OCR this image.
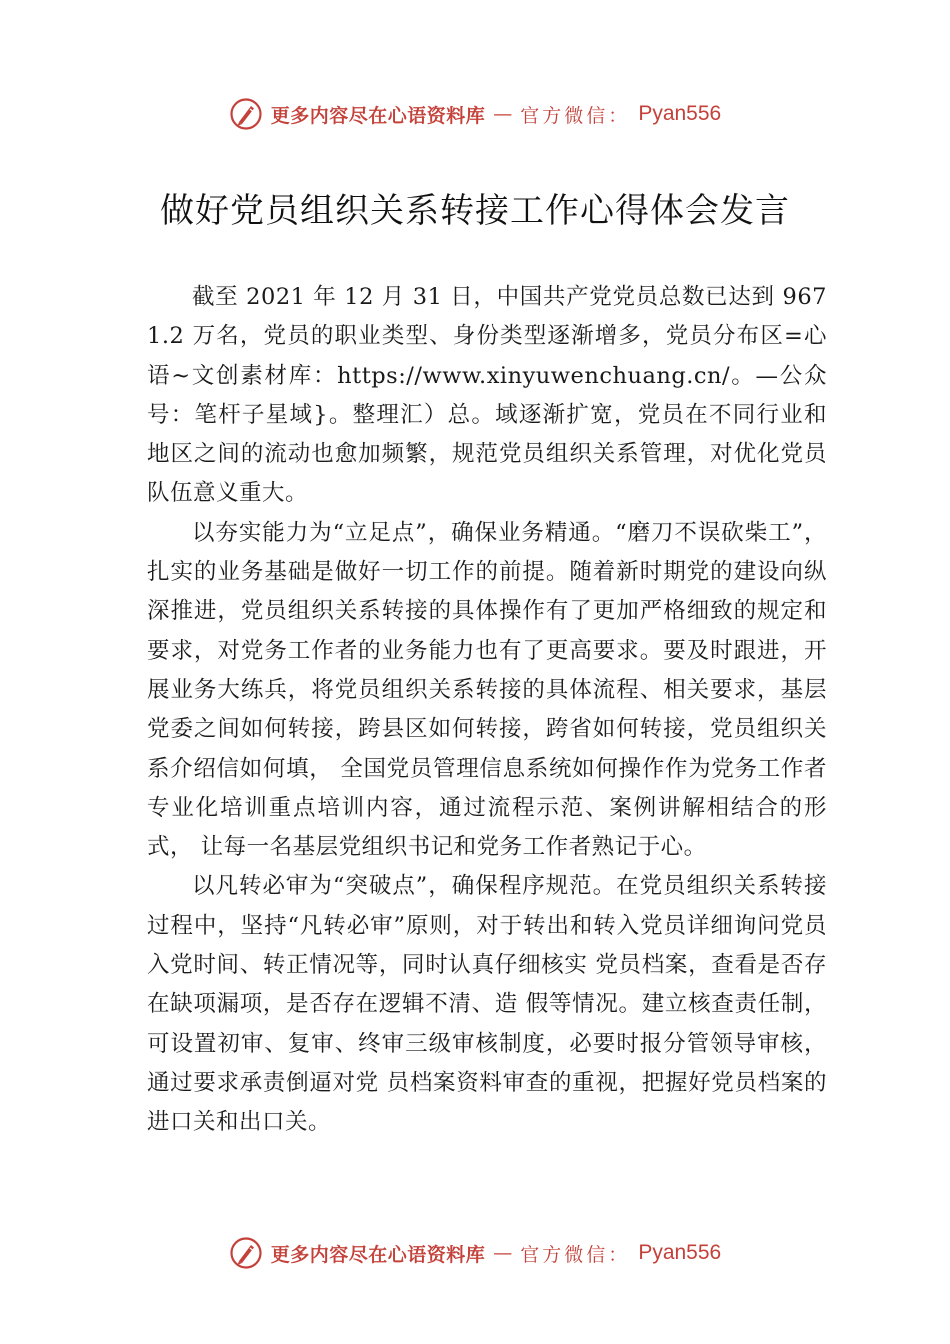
更多内容尽在心语资料库 — 官方微信： Pyan556
做好党员组织关系转接工作心得体会发言

截至 2021 年 12 月 31 日，中国共产党党员总数已达到 9671.2 万名，党员的职业类型、身份类型逐渐增多，党员分布区=心语~文创素材库：https://www.xinyuwenchuang.cn/。—公众号：笔杆子星域}。整理汇）总。域逐渐扩宽，党员在不同行业和地区之间的流动也愈加频繁，规范党员组织关系管理，对优化党员队伍意义重大。

以夯实能力为“立足点”，确保业务精通。“磨刀不误砍柴工”，扎实的业务基础是做好一切工作的前提。随着新时期党的建设向纵深推进，党员组织关系转接的具体操作有了更加严格细致的规定和要求，对党务工作者的业务能力也有了更高要求。要及时跟进，开展业务大练兵，将党员组织关系转接的具体流程、相关要求，基层党委之间如何转接，跨县区如何转接，跨省如何转接，党员组织关系介绍信如何填， 全国党员管理信息系统如何操作作为党务工作者专业化培训重点培训内容，通过流程示范、案例讲解相结合的形式， 让每一名基层党组织书记和党务工作者熟记于心。

以凡转必审为“突破点”，确保程序规范。在党员组织关系转接过程中，坚持“凡转必审”原则，对于转出和转入党员详细询问党员入党时间、转正情况等，同时认真仔细核实 党员档案，查看是否存在缺项漏项，是否存在逻辑不清、造 假等情况。建立核查责任制，可设置初审、复审、终审三级审核制度，必要时报分管领导审核，通过要求承责倒逼对党 员档案资料审查的重视，把握好党员档案的进口关和出口关。

更多内容尽在心语资料库 — 官方微信： Pyan556
